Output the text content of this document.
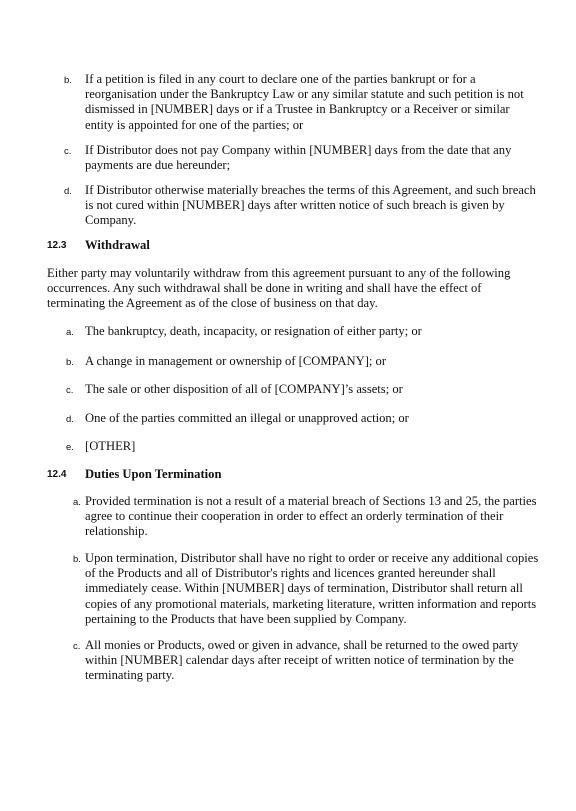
b. If a petition is filed in any court to declare one of the parties bankrupt or for a
reorganisation under the Bankruptcy Law or any similar statute and such petition is not
dismissed in [NUMBER] days or if a Trustee in Bankruptcy or a Receiver or similar
entity is appointed for one of the parties; or
c. If Distributor does not pay Company within [NUMBER] days from the date that any
payments are due hereunder;
d. If Distributor otherwise materially breaches the terms of this Agreement, and such breach
is not cured within [NUMBER] days after written notice of such breach is given by
Company.
12.3 Withdrawal
Either party may voluntarily withdraw from this agreement pursuant to any of the following
occurrences. Any such withdrawal shall be done in writing and shall have the effect of
terminating the Agreement as of the close of business on that day.
a. The bankruptcy, death, incapacity, or resignation of either party; or
b. A change in management or ownership of [COMPANY]; or
c. The sale or other disposition of all of [COMPANY]’s assets; or
d. One of the parties committed an illegal or unapproved action; or
e. [OTHER]
12.4 Duties Upon Termination
a. Provided termination is not a result of a material breach of Sections 13 and 25, the parties
agree to continue their cooperation in order to effect an orderly termination of their
relationship.
b. Upon termination, Distributor shall have no right to order or receive any additional copies
of the Products and all of Distributor's rights and licences granted hereunder shall
immediately cease. Within [NUMBER] days of termination, Distributor shall return all
copies of any promotional materials, marketing literature, written information and reports
pertaining to the Products that have been supplied by Company.
c. All monies or Products, owed or given in advance, shall be returned to the owed party
within [NUMBER] calendar days after receipt of written notice of termination by the
terminating party.
